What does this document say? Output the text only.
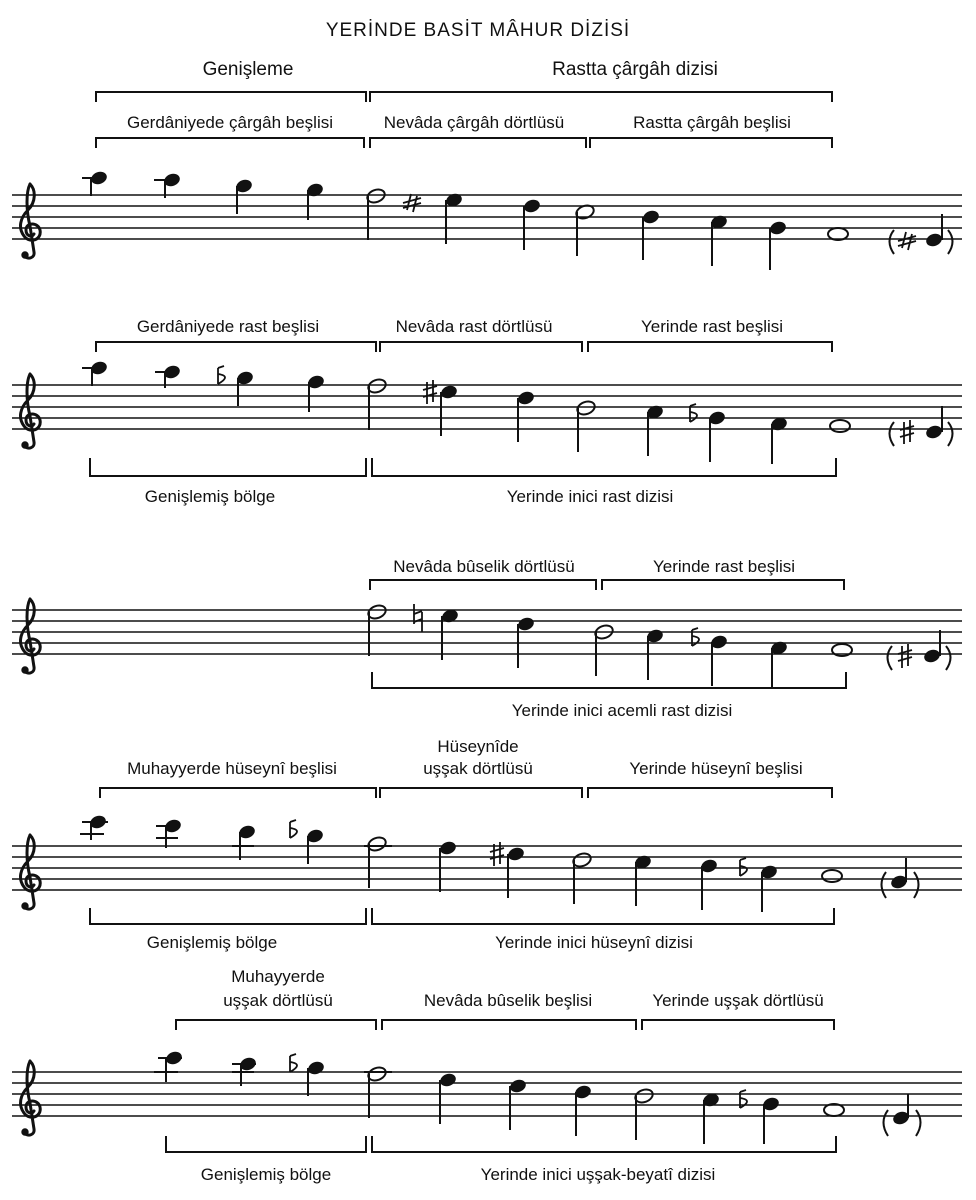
YERİNDE BASİT MÂHUR DİZİSİ
Genişleme	Rastta çârgâh dizisi
Gerdâniyede çârgâh beşlisi	Nevâda çârgâh dörtlüsü	Rastta çârgâh beşlisi
Gerdâniyede rast beşlisi	Nevâda rast dörtlüsü	Yerinde rast beşlisi
Genişlemiş bölge	Yerinde inici rast dizisi
Nevâda bûselik dörtlüsü	Yerinde rast beşlisi
Yerinde inici acemli rast dizisi
Muhayyerde hüseynî beşlisi
Hüseynîde
uşşak dörtlüsü	Yerinde hüseynî beşlisi
Genişlemiş bölge	Yerinde inici hüseynî dizisi
Muhayyerde
uşşak dörtlüsü	Nevâda bûselik beşlisi	Yerinde uşşak dörtlüsü
Genişlemiş bölge	Yerinde inici uşşak-beyatî dizisi
